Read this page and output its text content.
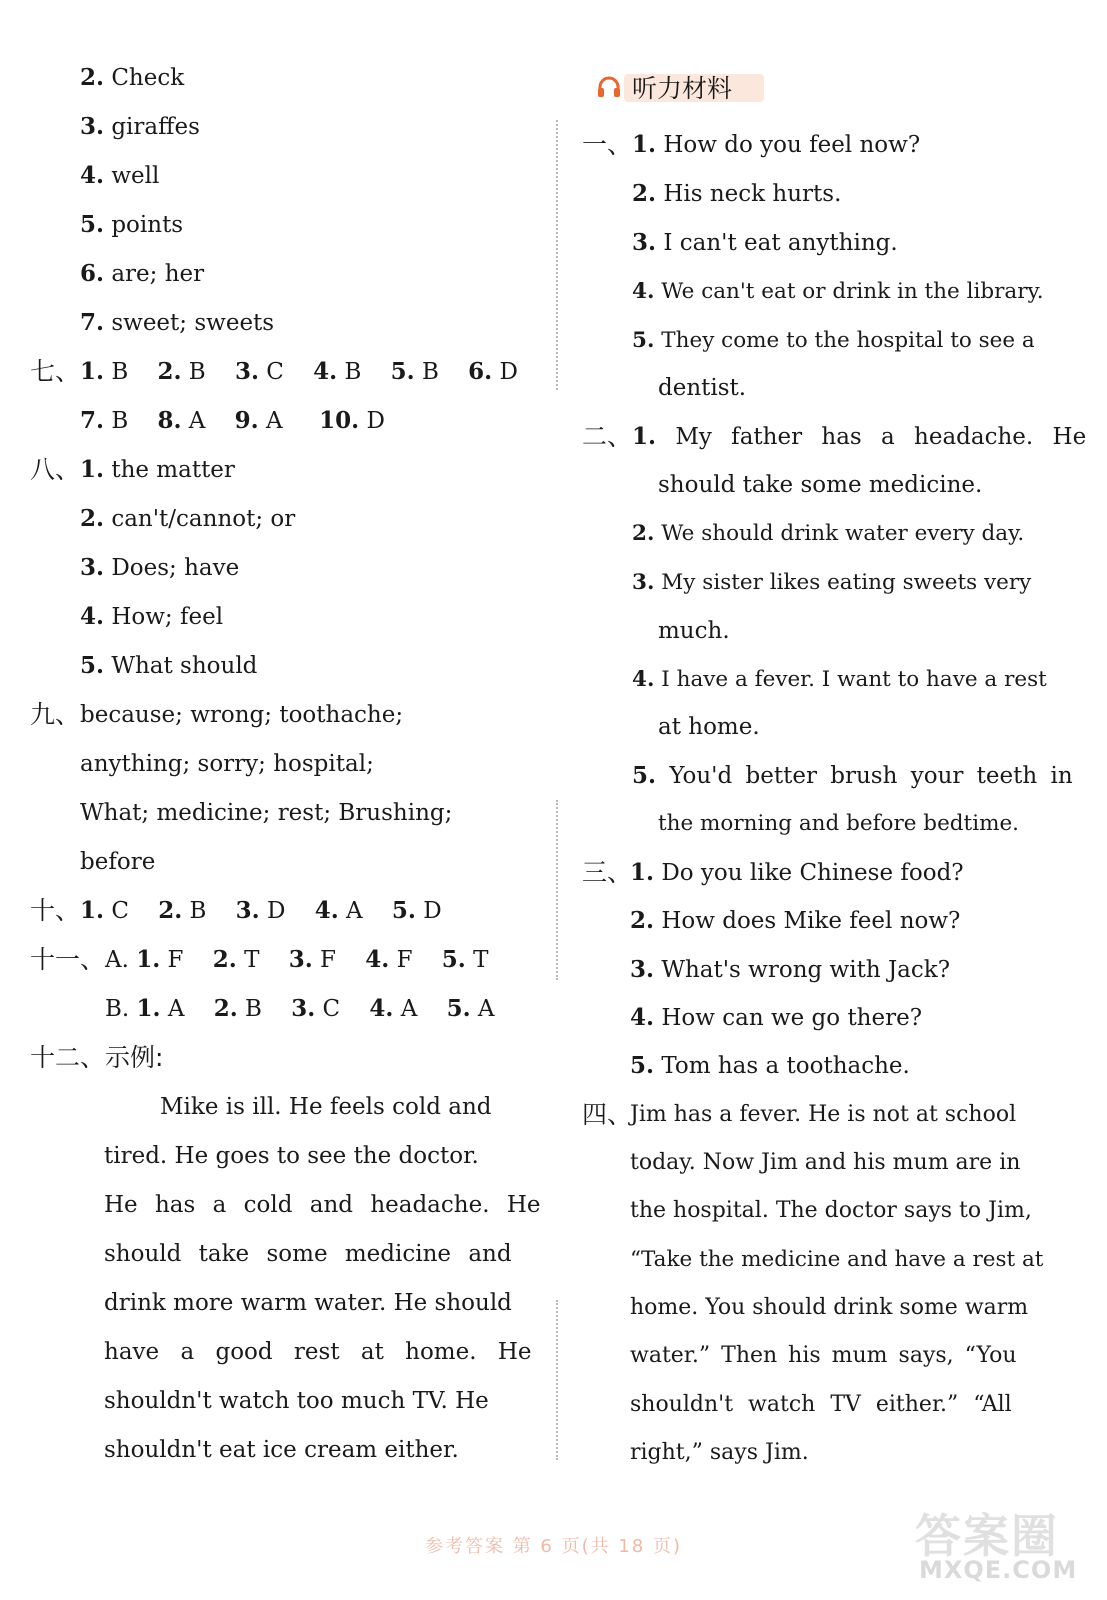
2. Check
3. giraffes
4. well
5. points
6. are; her
7. sweet; sweets
七、 1. B 2. B 3. C 4. B 5. B 6. D
7. B 8. A 9. A 10. D
八、 1. the matter
2. can't/cannot; or
3. Does; have
4. How; feel
5. What should
九、 because; wrong; toothache;
anything; sorry; hospital;
What; medicine; rest; Brushing;
before
十、 1. C 2. B 3. D 4. A 5. D
十一、 A. 1. F 2. T 3. F 4. F 5. T
B. 1. A 2. B 3. C 4. A 5. A
十二、示例:
Mike is ill. He feels cold and
tired. He goes to see the doctor.
He has a cold and headache. He
should take some medicine and
drink more warm water. He should
have a good rest at home. He
shouldn't watch too much TV. He
shouldn't eat ice cream either.
听力材料
一、 1. How do you feel now?
2. His neck hurts.
3. I can't eat anything.
4. We can't eat or drink in the library.
5. They come to the hospital to see a
dentist.
二、 1. My father has a headache. He
should take some medicine.
2. We should drink water every day.
3. My sister likes eating sweets very
much.
4. I have a fever. I want to have a rest
at home.
5. You'd better brush your teeth in
the morning and before bedtime.
三、
1. Do you like Chinese food?
2. How does Mike feel now?
3. What's wrong with Jack?
4. How can we go there?
5. Tom has a toothache.
四、
Jim has a fever. He is not at school
today. Now Jim and his mum are in
the hospital. The doctor says to Jim,
“Take the medicine and have a rest at
home. You should drink some warm
water.” Then his mum says, “You
shouldn't watch TV either.” “All
right,” says Jim.
参考答案 第 6 页(共 18 页)	答案圈
MXQE.COM
